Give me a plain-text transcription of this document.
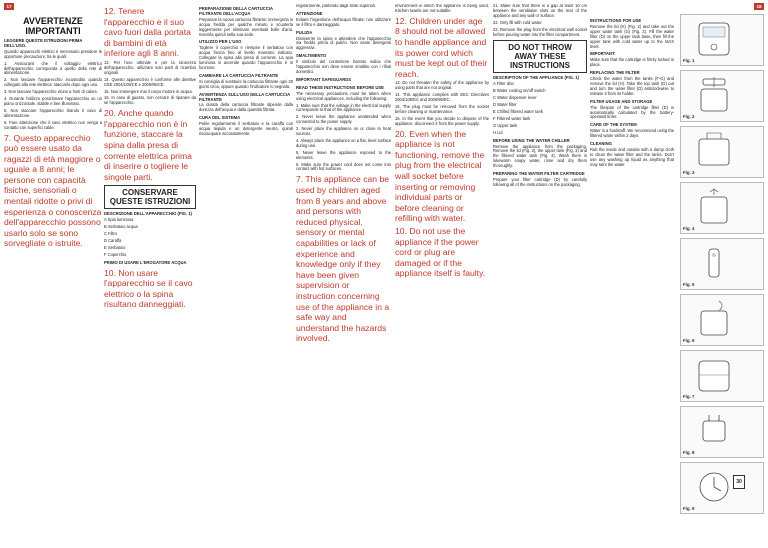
17	18
AVVERTENZE
IMPORTANTI
LEGGERE QUESTE ISTRUZIONI PRIMA DELL'USO.
Quando apparecchi elettrici è necessario prendere le opportune precauzioni, tra le quali:
1. Assicurarsi che il voltaggio elettrico dell'apparecchio corrisponda a quello della rete di alimentazione.
2. Non lasciare l'apparecchio incustodito quando collegato alla rete elettrica: staccarlo dopo ogni uso.
3. Non lasciare l'apparecchio vicino a fonti di calore.
4. Durante l'utilizzo posizionare l'apparecchio su un piano orizzontale, stabile e ben illuminato.
5. Non staccare l'apparecchio tirando il cavo di alimentazione.
6. Fare attenzione che il cavo elettrico non venga a contatto con superfici calde.
7. Questo apparecchio può essere usato da ragazzi di età maggiore o uguale a 8 anni; le persone con capacità fisiche, sensoriali o mentali ridotte o privi di esperienza o conoscenza dell'apparecchio possono usarlo solo se sono sorvegliate o istruite.
12. Tenere l'apparecchio e il suo cavo fuori dalla portata di bambini di età inferiore agli 8 anni.
13. Per l'uso ottimale e per la sicurezza dell'apparecchio, utilizzare solo parti di ricambio originali.
14. Questo apparecchio è conforme alle direttive CEE 2004/108/CE e 2006/95/CE.
15. Non immergere mai il corpo motore in acqua.
16. In caso di guasto, non cercare di riparare da sé l'apparecchio.
20. Anche quando l'apparecchio non è in funzione, staccare la spina dalla presa di corrente elettrica prima di inserire o togliere le singole parti.
CONSERVARE QUESTE ISTRUZIONI
DESCRIZIONE DELL'APPARECCHIO (FIG. 1)
A Spia luminosa
B Serbatoio acqua
C Filtro
D Caraffa
E Serbatoio
F Coperchio
PRIMO DI USARE L'EROGATORE ACQUA
10. Non usare l'apparecchio se il cavo elettrico o la spina risultano danneggiati.
PREPARAZIONE DELLA CARTUCCIA FILTRANTE DELL'ACQUA
Preparare la nuova cartuccia filtrante: immergerla in acqua fredda per qualche minuto e scuoterla leggermente per eliminare eventuali bolle d'aria. Inserirla quindi nella sua sede.
UTILIZZO PER L'USO
Togliere il coperchio e riempire il serbatoio con acqua fresca fino al livello massimo indicato. Collegare la spina alla presa di corrente. La spia luminosa si accende quando l'apparecchio è in funzione.
CAMBIARE LA CARTUCCIA FILTRANTE
Si consiglia di sostituire la cartuccia filtrante ogni 30 giorni circa, oppure quando l'indicatore lo segnala.
AVVERTENZA SULL'USO DELLA CARTUCCIA FILTRANTE
La durata della cartuccia filtrante dipende dalla durezza dell'acqua e dalla quantità filtrata.
CURA DEL SISTEMA
Pulire regolarmente il serbatoio e la caraffa con acqua tiepida e un detergente neutro, quindi risciacquare accuratamente.
regolarmente, partendo dagli strati superiori.
ATTENZIONE
Evitare l'ingestione dell'acqua filtrata: non utilizzare se il filtro è danneggiato.
PULIZIA
Disinserire la spina e attendere che l'apparecchio sia freddo prima di pulirlo. Non usare detergenti aggressivi.
SMALTIMENTO
Il simbolo del contenitore barrato indica che l'apparecchio non deve essere smaltito con i rifiuti domestici.
IMPORTANT SAFEGUARDS
READ THESE INSTRUCTIONS BEFORE USE
The necessary precautions must be taken when using electrical appliances, including the following:
1. Make sure that the voltage in the electrical supply corresponds to that of the appliance.
2. Never leave the appliance unattended when connected to the power supply.
3. Never place the appliance on or close to heat sources.
4. Always place the appliance on a flat, level surface during use.
5. Never leave the appliance exposed to the elements.
6. Make sure the power cord does not come into contact with hot surfaces.
7. This appliance can be used by children aged from 8 years and above and persons with reduced physical, sensory or mental capabilities or lack of experience and knowledge only if they have been given supervision or instruction concerning use of the appliance in a safe way and understand the hazards involved.
environment in which the appliance is being used. Kitchen towels are not suitable.
12. Children under age 8 should not be allowed to handle appliance and its power cord which must be kept out of their reach.
13. Do not threaten the safety of the appliance by using parts that are not original.
14. This appliance complies with EEC Directives 2004/108/EC and 2006/95/EC.
15. The plug must be removed from the socket before cleaning or maintenance.
16. In the event that you decide to dispose of the appliance, disconnect it from the power supply.
20. Even when the appliance is not functioning, remove the plug from the electrical wall socket before inserting or removing individual parts or before cleaning or refilling with water.
10. Do not use the appliance if the power cord or plug are damaged or if the appliance itself is faulty.
21. Make sure that there is a gap at least 10 cm between the ventilation slots on the rear of the appliance and any wall or surface.
22. Only fill with cold water.
23. Remove the plug from the electrical wall socket before pouring water into the filter compartment.
DO NOT THROW AWAY THESE INSTRUCTIONS
DESCRIPTION OF THE APPLIANCE (FIG. 1)
A Filter disc
B Water cooling on/off switch
C Water dispenser lever
D Water filter
E Chilled filtered water tank
F Filtered water tank
G Upper tank
H Lid
BEFORE USING THE WATER CHILLER
Remove the appliance from the packaging. Remove the lid (Fig. 2), the upper tank (Fig. 3) and the filtered water tank (Fig. 4). Wash them in lukewarm soapy water, rinse and dry them thoroughly.
PREPARING THE WATER FILTER CARTRIDGE
Prepare your filter cartridge (D) by carefully following all of the instructions on the packaging.
INSTRUCTIONS FOR USE
Remove the lid (H) (Fig. 2) and take out the upper water tank (G) (Fig. 3). Fill the water filter (D) on the upper tank base, then fill the upper tank with cold water up to the MAX level.
IMPORTANT:
Make sure that the cartridge is firmly locked in place.
REPLACING THE FILTER
Check the water from the tanks (F-G) and remove the lid (H). Take the top tank (G) out and turn the water filter (D) anticlockwise to release it from its holder.
FILTER USAGE AND STORAGE
The lifespan of the cartridge filter (D) is automatically calculated by the battery-operated timer.
CARE OF THE SYSTEM
Water is a foodstuff. We recommend using the filtered water within 2 days.
CLEANING
Rub the inside and outside with a damp cloth to clean the water filter and the tanks. Don't use any washing up liquid as anything that may taint the water.
Fig. 1
Fig. 2
Fig. 3
Fig. 4
Fig. 5
Fig. 6
Fig. 7
Fig. 8
30
Fig. 9
